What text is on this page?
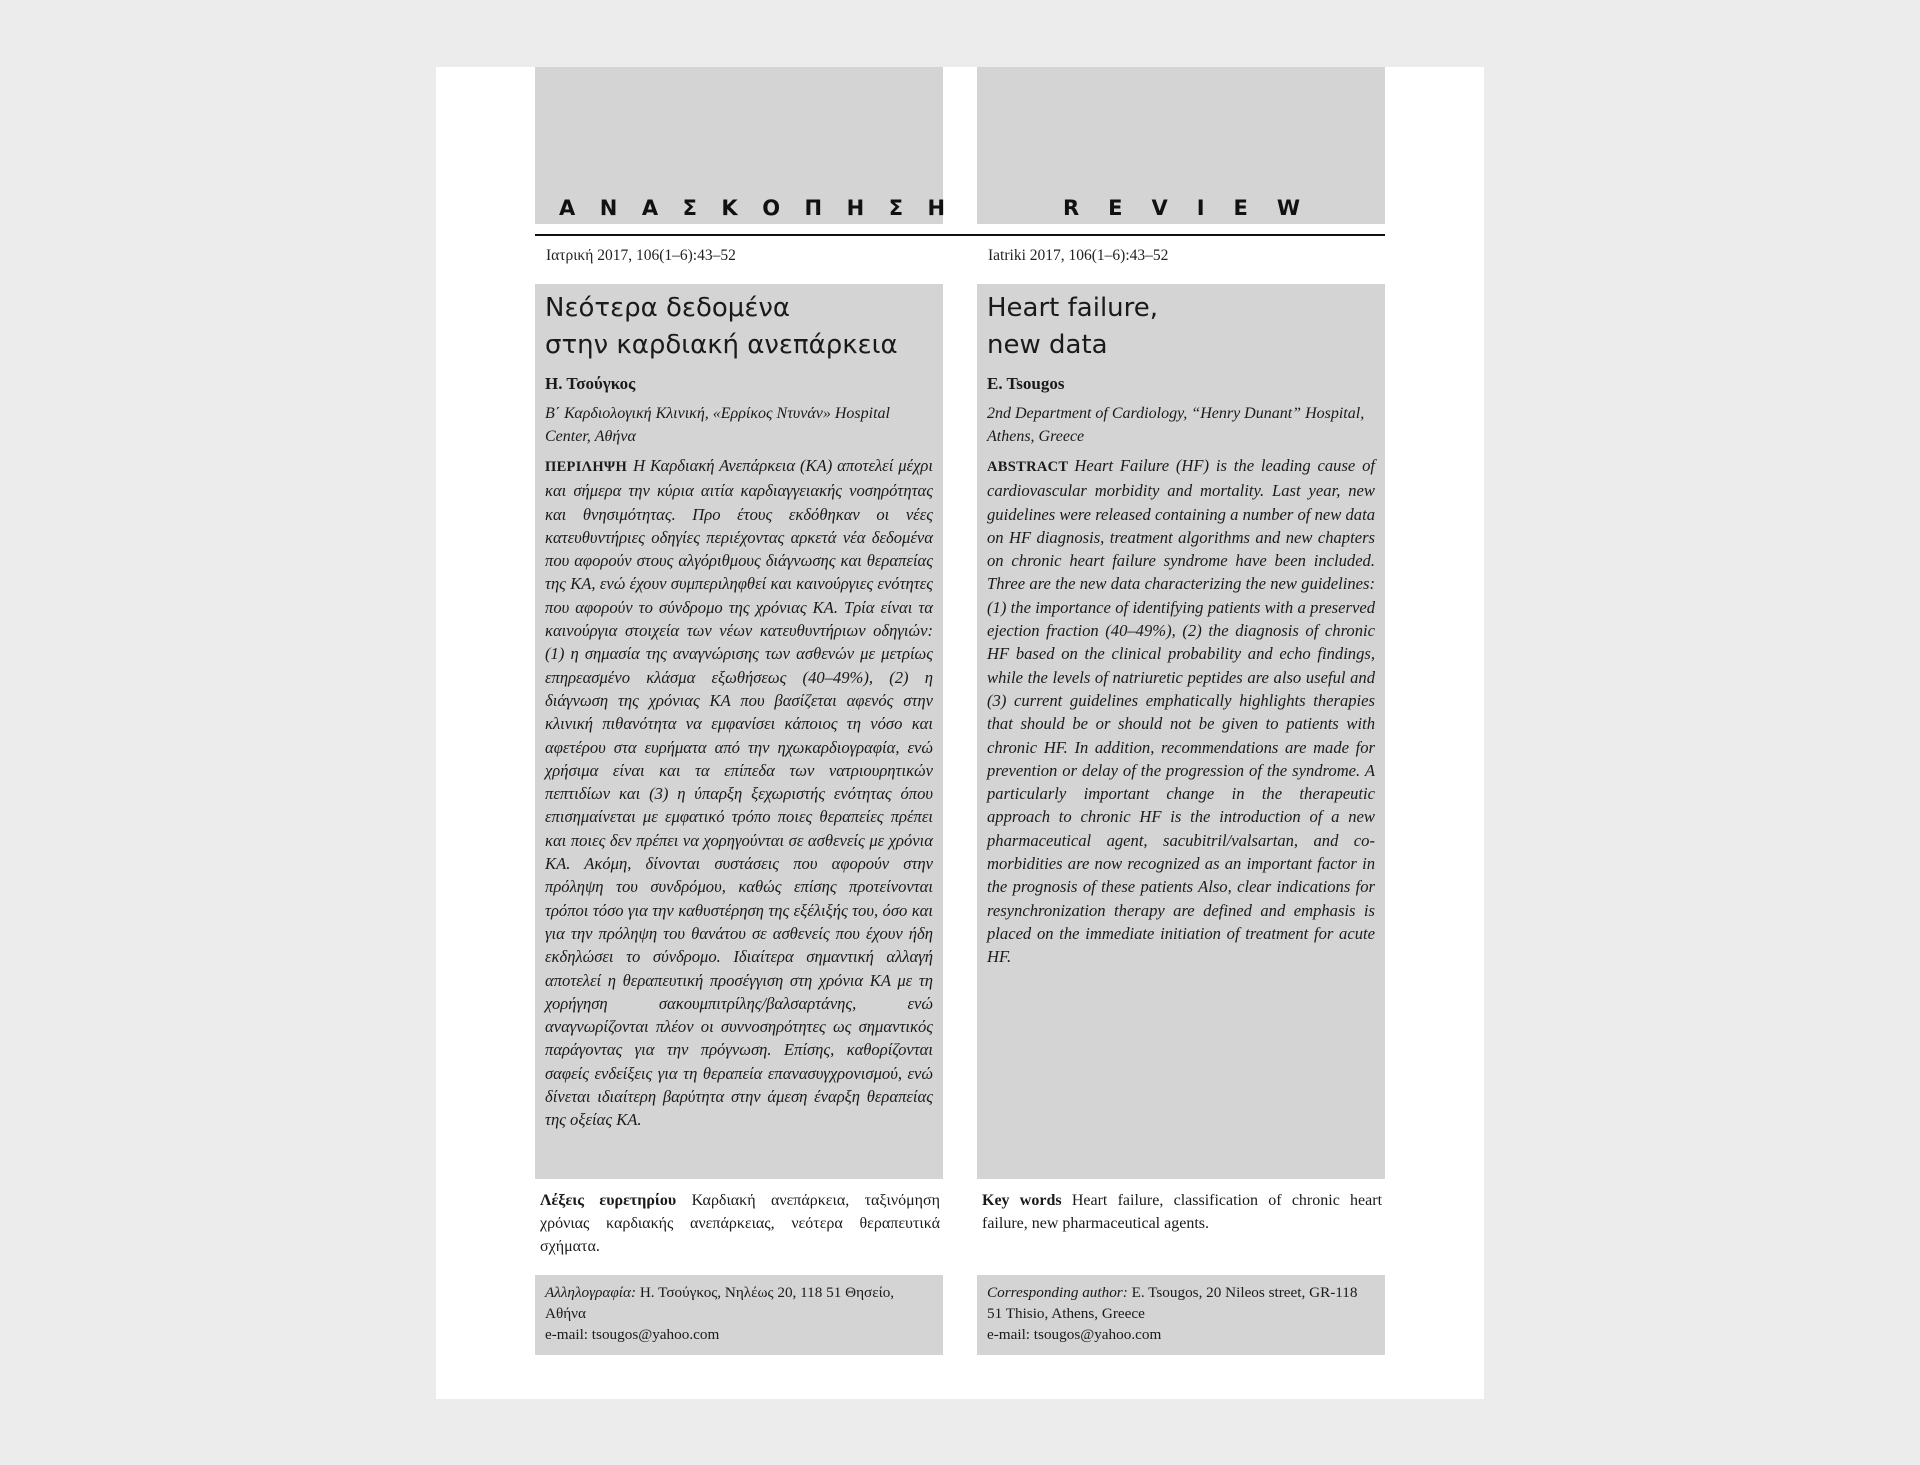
ΑΝΑΣΚΟΠΗΣΗ
Ιατρική 2017, 106(1–6):43–52
Νεότερα δεδομένα
στην καρδιακή ανεπάρκεια
Η. Τσούγκος
Β΄ Καρδιολογική Κλινική, «Ερρίκος Ντυνάν» Hospital Center, Αθήνα
ΠΕΡΙΛΗΨΗ Η Καρδιακή Ανεπάρκεια (ΚΑ) αποτελεί μέχρι και σήμερα την κύρια αιτία καρδιαγγειακής νοσηρότητας και θνησιμότητας. Προ έτους εκδόθηκαν οι νέες κατευθυντήριες οδηγίες περιέχοντας αρκετά νέα δεδομένα που αφορούν στους αλγόριθμους διάγνωσης και θεραπείας της ΚΑ, ενώ έχουν συμπεριληφθεί και καινούργιες ενότητες που αφορούν το σύνδρομο της χρόνιας ΚΑ. Τρία είναι τα καινούργια στοιχεία των νέων κατευθυντήριων οδηγιών: (1) η σημασία της αναγνώρισης των ασθενών με μετρίως επηρεασμένο κλάσμα εξωθήσεως (40–49%), (2) η διάγνωση της χρόνιας ΚΑ που βασίζεται αφενός στην κλινική πιθανότητα να εμφανίσει κάποιος τη νόσο και αφετέρου στα ευρήματα από την ηχωκαρδιογραφία, ενώ χρήσιμα είναι και τα επίπεδα των νατριουρητικών πεπτιδίων και (3) η ύπαρξη ξεχωριστής ενότητας όπου επισημαίνεται με εμφατικό τρόπο ποιες θεραπείες πρέπει και ποιες δεν πρέπει να χορηγούνται σε ασθενείς με χρόνια ΚΑ. Ακόμη, δίνονται συστάσεις που αφορούν στην πρόληψη του συνδρόμου, καθώς επίσης προτείνονται τρόποι τόσο για την καθυστέρηση της εξέλιξής του, όσο και για την πρόληψη του θανάτου σε ασθενείς που έχουν ήδη εκδηλώσει το σύνδρομο. Ιδιαίτερα σημαντική αλλαγή αποτελεί η θεραπευτική προσέγγιση στη χρόνια ΚΑ με τη χορήγηση σακουμπιτρίλης/βαλσαρτάνης, ενώ αναγνωρίζονται πλέον οι συννοσηρότητες ως σημαντικός παράγοντας για την πρόγνωση. Επίσης, καθορίζονται σαφείς ενδείξεις για τη θεραπεία επανασυγχρονισμού, ενώ δίνεται ιδιαίτερη βαρύτητα στην άμεση έναρξη θεραπείας της οξείας ΚΑ.
Λέξεις ευρετηρίου Καρδιακή ανεπάρκεια, ταξινόμηση χρόνιας καρδιακής ανεπάρκειας, νεότερα θεραπευτικά σχήματα.
Αλληλογραφία: Η. Τσούγκος, Νηλέως 20, 118 51 Θησείο, Αθήνα
e-mail: tsougos@yahoo.com
REVIEW
Iatriki 2017, 106(1–6):43–52
Heart failure,
new data
E. Tsougos
2nd Department of Cardiology, “Henry Dunant” Hospital, Athens, Greece
ABSTRACT Heart Failure (HF) is the leading cause of cardiovascular morbidity and mortality. Last year, new guidelines were released containing a number of new data on HF diagnosis, treatment algorithms and new chapters on chronic heart failure syndrome have been included. Three are the new data characterizing the new guidelines: (1) the importance of identifying patients with a preserved ejection fraction (40–49%), (2) the diagnosis of chronic HF based on the clinical probability and echo findings, while the levels of natriuretic peptides are also useful and (3) current guidelines emphatically highlights therapies that should be or should not be given to patients with chronic HF. In addition, recommendations are made for prevention or delay of the progression of the syndrome. A particularly important change in the therapeutic approach to chronic HF is the introduction of a new pharmaceutical agent, sacubitril/valsartan, and co-morbidities are now recognized as an important factor in the prognosis of these patients Also, clear indications for resynchronization therapy are defined and emphasis is placed on the immediate initiation of treatment for acute HF.
Key words Heart failure, classification of chronic heart failure, new pharmaceutical agents.
Corresponding author: E. Tsougos, 20 Nileos street, GR-118 51 Thisio, Athens, Greece
e-mail: tsougos@yahoo.com
